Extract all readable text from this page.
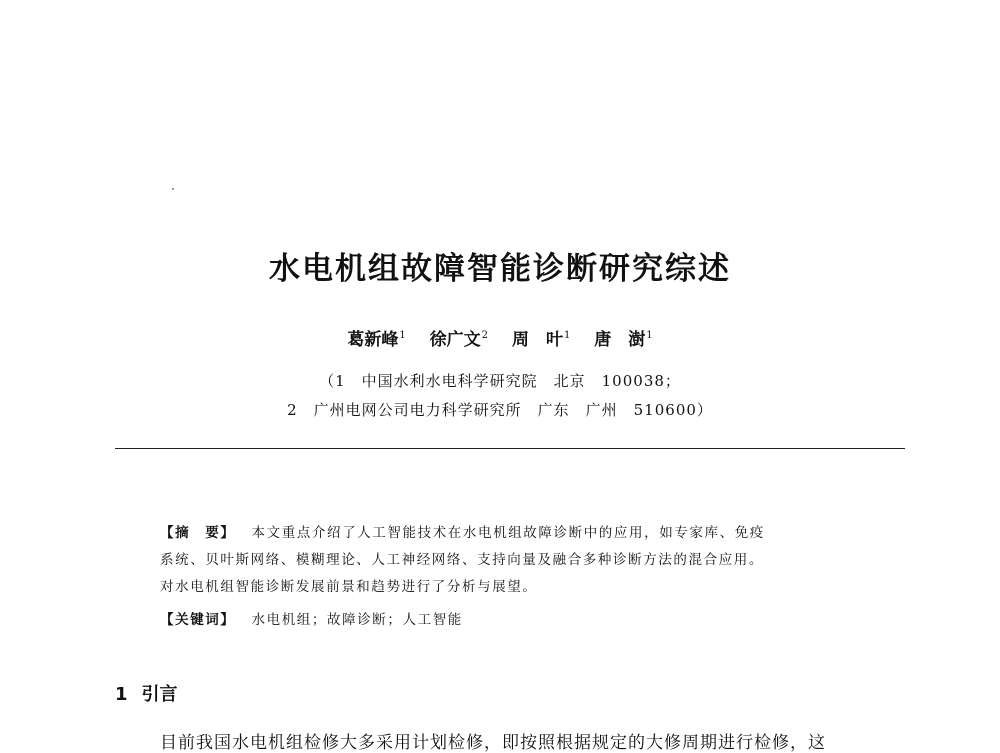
水电机组故障智能诊断研究综述
葛新峰$^1$ 徐广文$^2$ 周　叶$^1$ 唐　澍$^1$
（1　中国水利水电科学研究院　北京　100038；
2　广州电网公司电力科学研究所　广东　广州　510600）

【摘　要】 本文重点介绍了人工智能技术在水电机组故障诊断中的应用，如专家库、免疫

系统、贝叶斯网络、模糊理论、人工神经网络、支持向量及融合多种诊断方法的混合应用。

对水电机组智能诊断发展前景和趋势进行了分析与展望。

【关键词】 水电机组；故障诊断；人工智能
1 引言
目前我国水电机组检修大多采用计划检修，即按照根据规定的大修周期进行检修，这
